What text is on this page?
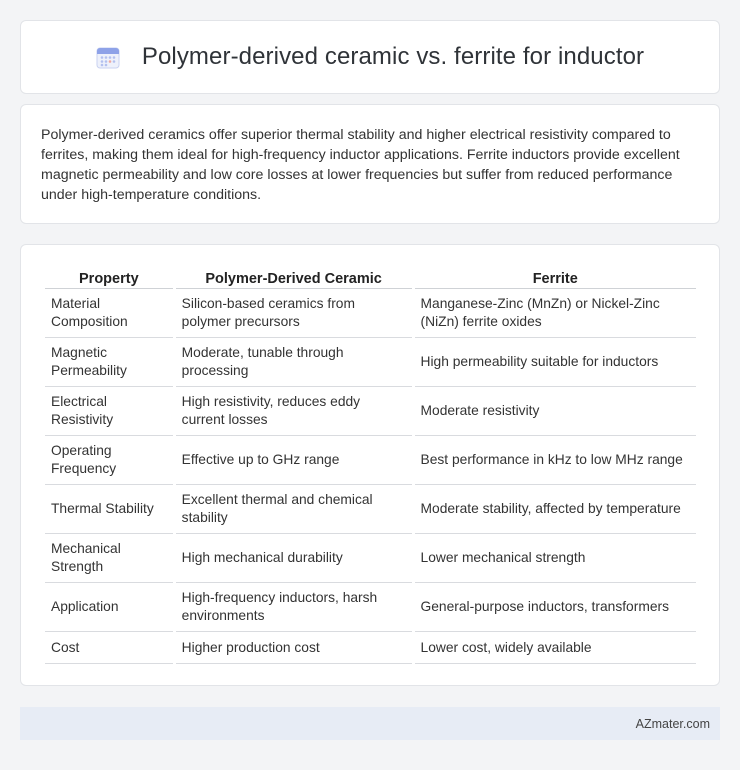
Polymer-derived ceramic vs. ferrite for inductor

Polymer-derived ceramics offer superior thermal stability and higher electrical resistivity compared to ferrites, making them ideal for high-frequency inductor applications. Ferrite inductors provide excellent magnetic permeability and low core losses at lower frequencies but suffer from reduced performance under high-temperature conditions.

Property	Polymer-Derived Ceramic	Ferrite
Material Composition	Silicon-based ceramics from polymer precursors	Manganese-Zinc (MnZn) or Nickel-Zinc (NiZn) ferrite oxides
Magnetic Permeability	Moderate, tunable through processing	High permeability suitable for inductors
Electrical Resistivity	High resistivity, reduces eddy current losses	Moderate resistivity
Operating Frequency	Effective up to GHz range	Best performance in kHz to low MHz range
Thermal Stability	Excellent thermal and chemical stability	Moderate stability, affected by temperature
Mechanical Strength	High mechanical durability	Lower mechanical strength
Application	High-frequency inductors, harsh environments	General-purpose inductors, transformers
Cost	Higher production cost	Lower cost, widely available
AZmater.com
